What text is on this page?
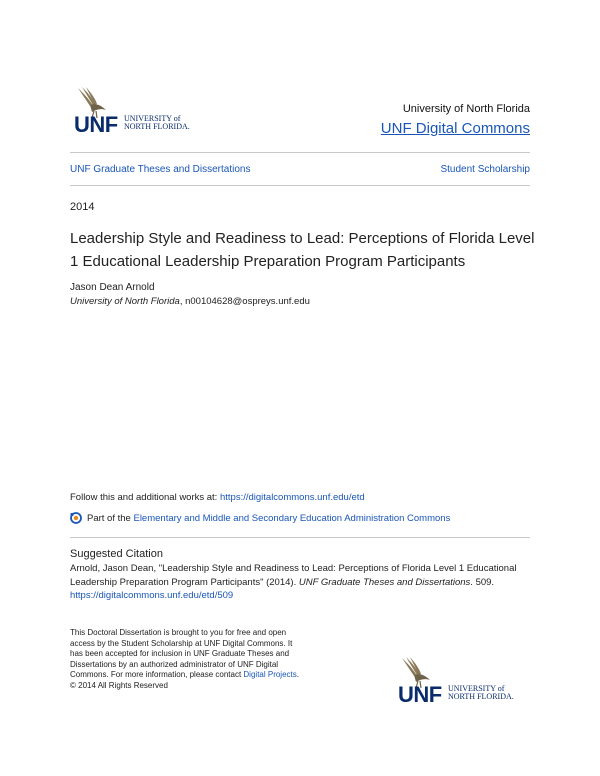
UNF UNIVERSITY of
NORTH FLORIDA.
University of North Florida
UNF Digital Commons
UNF Graduate Theses and Dissertations	Student Scholarship
2014
Leadership Style and Readiness to Lead: Perceptions of Florida Level 1 Educational Leadership Preparation Program Participants
Jason Dean Arnold
University of North Florida, n00104628@ospreys.unf.edu
Follow this and additional works at: https://digitalcommons.unf.edu/etd
Part of the
Elementary and Middle and Secondary Education Administration Commons
Suggested Citation
Arnold, Jason Dean, "Leadership Style and Readiness to Lead: Perceptions of Florida Level 1 Educational Leadership Preparation Program Participants" (2014). UNF Graduate Theses and Dissertations. 509.
https://digitalcommons.unf.edu/etd/509
This Doctoral Dissertation is brought to you for free and open access by the Student Scholarship at UNF Digital Commons. It has been accepted for inclusion in UNF Graduate Theses and Dissertations by an authorized administrator of UNF Digital Commons. For more information, please contact Digital Projects.
© 2014 All Rights Reserved	UNF UNIVERSITY of
NORTH FLORIDA.
